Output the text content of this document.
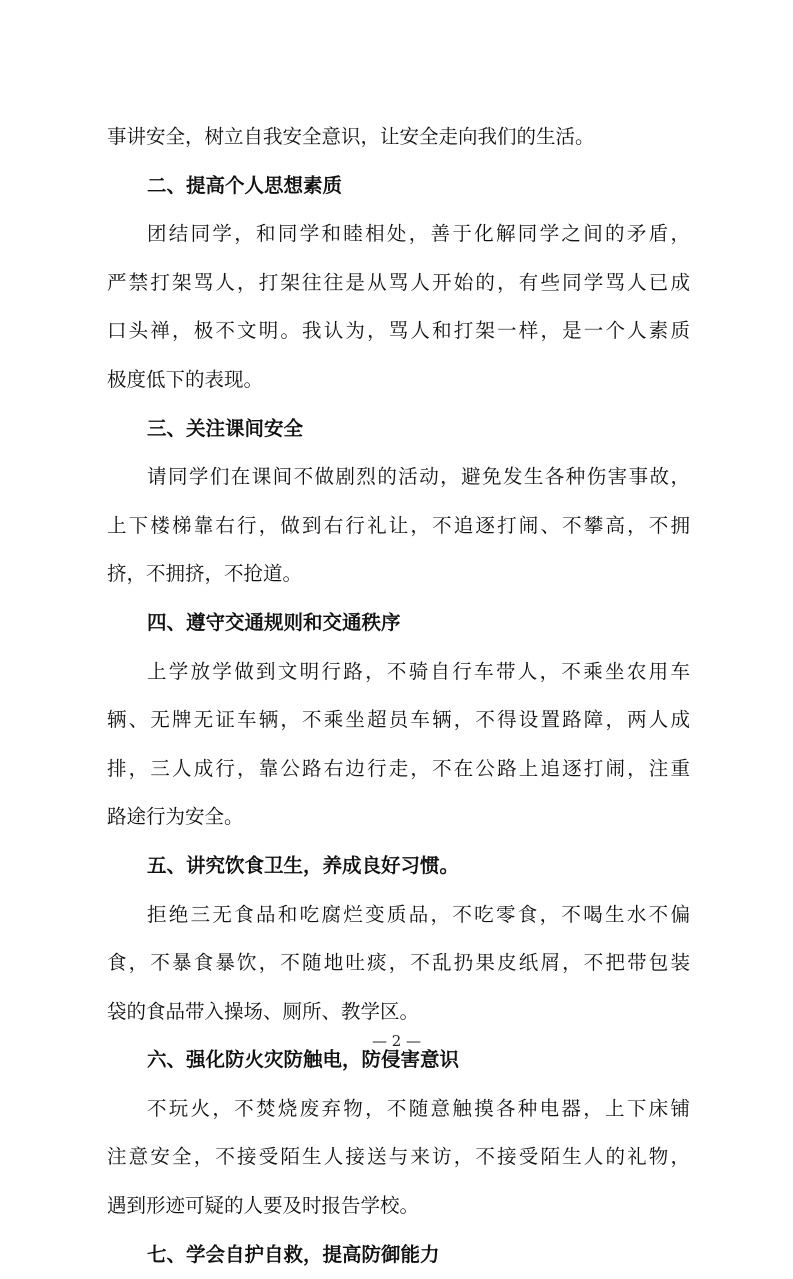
事讲安全，树立自我安全意识，让安全走向我们的生活。
二、提高个人思想素质
团结同学，和同学和睦相处，善于化解同学之间的矛盾，
严禁打架骂人，打架往往是从骂人开始的，有些同学骂人已成
口头禅，极不文明。我认为，骂人和打架一样，是一个人素质
极度低下的表现。
三、关注课间安全
请同学们在课间不做剧烈的活动，避免发生各种伤害事故，
上下楼梯靠右行，做到右行礼让，不追逐打闹、不攀高，不拥
挤，不拥挤，不抢道。
四、遵守交通规则和交通秩序
上学放学做到文明行路，不骑自行车带人，不乘坐农用车
辆、无牌无证车辆，不乘坐超员车辆，不得设置路障，两人成
排，三人成行，靠公路右边行走，不在公路上追逐打闹，注重
路途行为安全。
五、讲究饮食卫生，养成良好习惯。
拒绝三无食品和吃腐烂变质品，不吃零食，不喝生水不偏
食，不暴食暴饮，不随地吐痰，不乱扔果皮纸屑，不把带包装
袋的食品带入操场、厕所、教学区。
六、强化防火灾防触电，防侵害意识
不玩火，不焚烧废弃物，不随意触摸各种电器，上下床铺
注意安全，不接受陌生人接送与来访，不接受陌生人的礼物，
遇到形迹可疑的人要及时报告学校。
七、学会自护自救，提高防御能力
— 2 —
